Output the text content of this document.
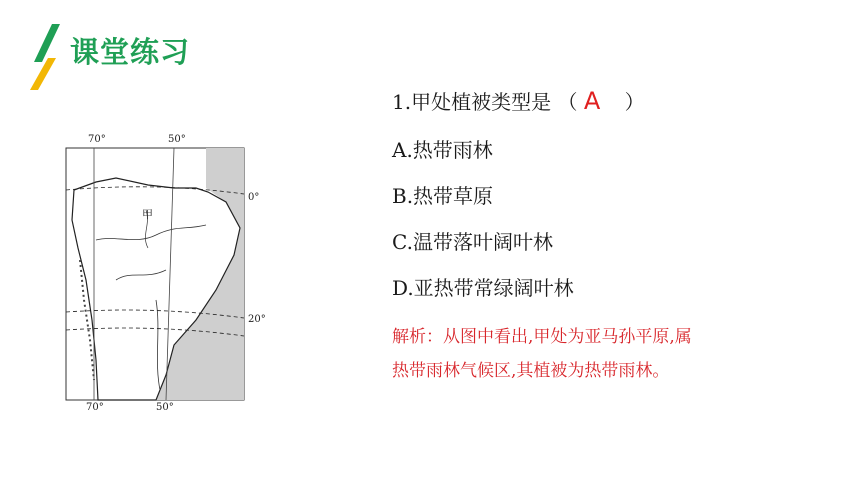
课堂练习
70°	50°
70°	50°
0°
20°
甲
1.甲处植被类型是 （ A ）
A.热带雨林
B.热带草原
C.温带落叶阔叶林
D.亚热带常绿阔叶林
解析：从图中看出,甲处为亚马孙平原,属
热带雨林气候区,其植被为热带雨林。
